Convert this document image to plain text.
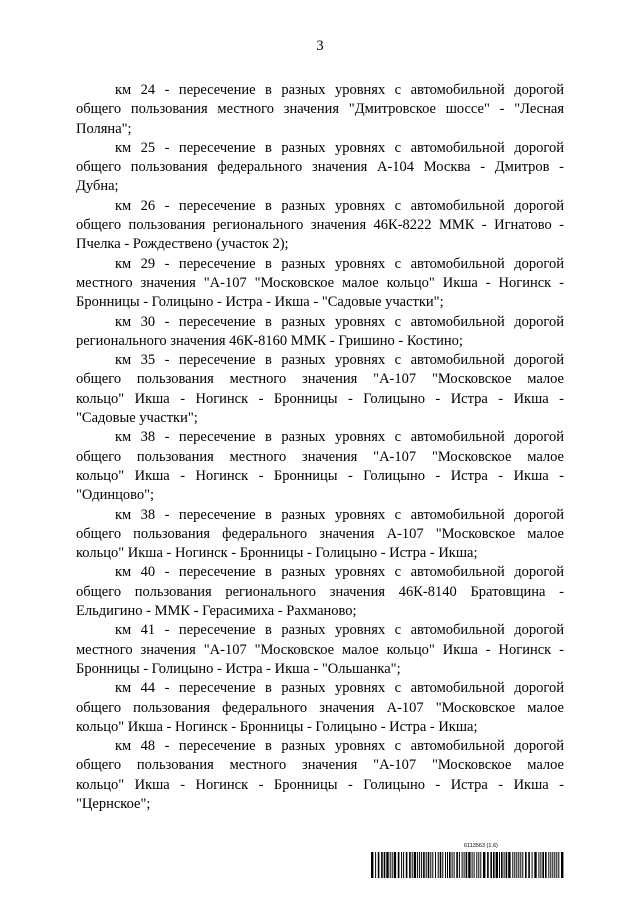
3

км 24 - пересечение в разных уровнях с автомобильной дорогой
общего пользования местного значения "Дмитровское шоссе" - "Лесная
Поляна";

км 25 - пересечение в разных уровнях с автомобильной дорогой
общего пользования федерального значения А-104 Москва - Дмитров -
Дубна;

км 26 - пересечение в разных уровнях с автомобильной дорогой
общего пользования регионального значения 46К-8222 ММК - Игнатово -
Пчелка - Рождествено (участок 2);

км 29 - пересечение в разных уровнях с автомобильной дорогой
местного значения "А-107 "Московское малое кольцо" Икша - Ногинск -
Бронницы - Голицыно - Истра - Икша - "Садовые участки";

км 30 - пересечение в разных уровнях с автомобильной дорогой
регионального значения 46К-8160 ММК - Гришино - Костино;

км 35 - пересечение в разных уровнях с автомобильной дорогой
общего пользования местного значения "А-107 "Московское малое
кольцо" Икша - Ногинск - Бронницы - Голицыно - Истра - Икша -
"Садовые участки";

км 38 - пересечение в разных уровнях с автомобильной дорогой
общего пользования местного значения "А-107 "Московское малое
кольцо" Икша - Ногинск - Бронницы - Голицыно - Истра - Икша -
"Одинцово";

км 38 - пересечение в разных уровнях с автомобильной дорогой
общего пользования федерального значения А-107 "Московское малое
кольцо" Икша - Ногинск - Бронницы - Голицыно - Истра - Икша;

км 40 - пересечение в разных уровнях с автомобильной дорогой
общего пользования регионального значения 46К-8140 Братовщина -
Ельдигино - ММК - Герасимиха - Рахманово;

км 41 - пересечение в разных уровнях с автомобильной дорогой
местного значения "А-107 "Московское малое кольцо" Икша - Ногинск -
Бронницы - Голицыно - Истра - Икша - "Ольшанка";

км 44 - пересечение в разных уровнях с автомобильной дорогой
общего пользования федерального значения А-107 "Московское малое
кольцо" Икша - Ногинск - Бронницы - Голицыно - Истра - Икша;

км 48 - пересечение в разных уровнях с автомобильной дорогой
общего пользования местного значения "А-107 "Московское малое
кольцо" Икша - Ногинск - Бронницы - Голицыно - Истра - Икша -
"Цернское";

6113563 (1.6)
